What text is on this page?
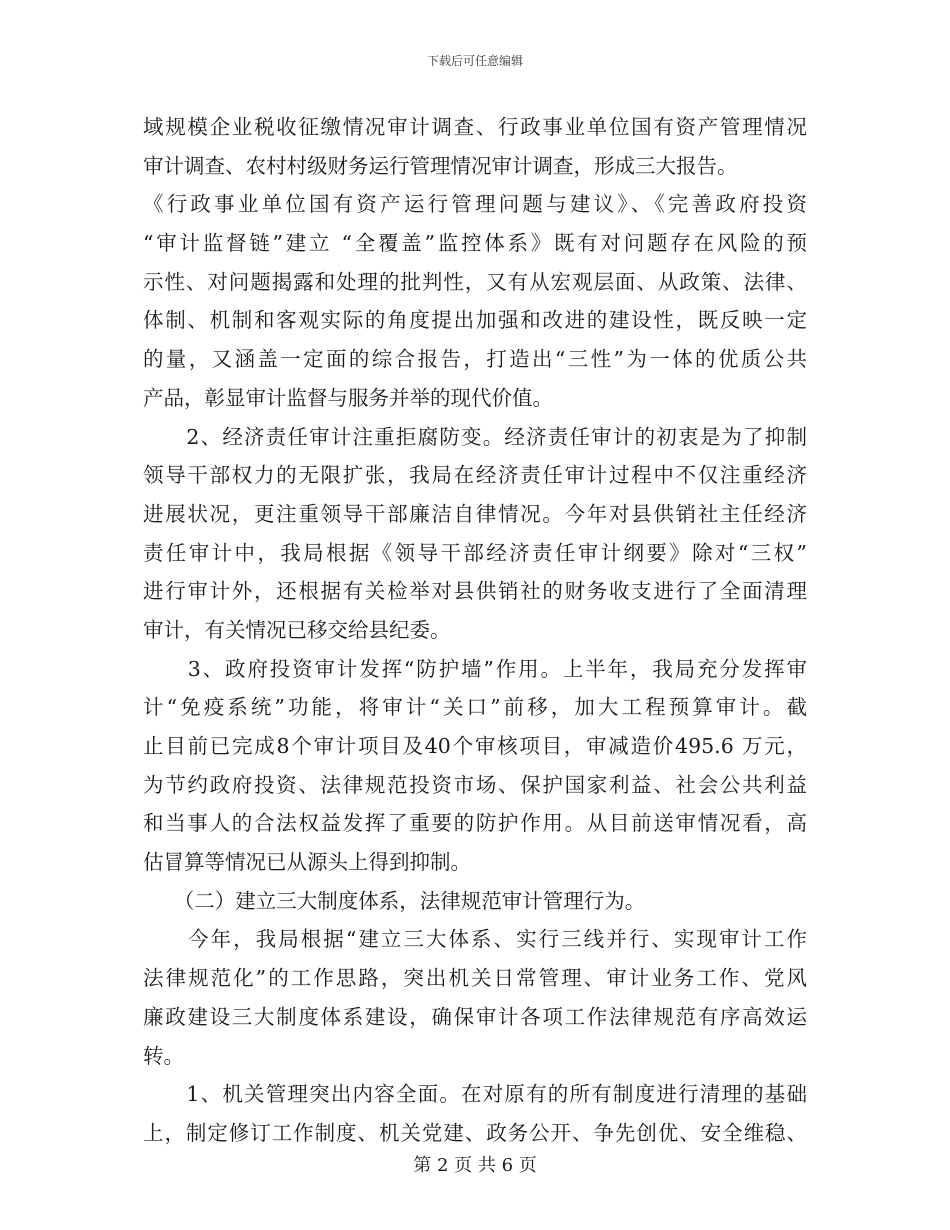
下载后可任意编辑
域规模企业税收征缴情况审计调查、行政事业单位国有资产管理情况
审计调查、农村村级财务运行管理情况审计调查，形成三大报告。
《行政事业单位国有资产运行管理问题与建议》、《完善政府投资
“审计监督链”建立 “全覆盖”监控体系》既有对问题存在风险的预
示性、对问题揭露和处理的批判性，又有从宏观层面、从政策、法律、
体制、机制和客观实际的角度提出加强和改进的建设性，既反映一定
的量，又涵盖一定面的综合报告，打造出“三性”为一体的优质公共
产品，彰显审计监督与服务并举的现代价值。
　　2、经济责任审计注重拒腐防变。经济责任审计的初衷是为了抑制
领导干部权力的无限扩张，我局在经济责任审计过程中不仅注重经济
进展状况，更注重领导干部廉洁自律情况。今年对县供销社主任经济
责任审计中，我局根据《领导干部经济责任审计纲要》除对“三权”
进行审计外，还根据有关检举对县供销社的财务收支进行了全面清理
审计，有关情况已移交给县纪委。
　　3、政府投资审计发挥“防护墙”作用。上半年，我局充分发挥审
计“免疫系统”功能，将审计“关口”前移，加大工程预算审计。截
止目前已完成8个审计项目及40个审核项目，审减造价495.6 万元，
为节约政府投资、法律规范投资市场、保护国家利益、社会公共利益
和当事人的合法权益发挥了重要的防护作用。从目前送审情况看，高
估冒算等情况已从源头上得到抑制。
　　（二）建立三大制度体系，法律规范审计管理行为。
　　今年，我局根据“建立三大体系、实行三线并行、实现审计工作
法律规范化”的工作思路，突出机关日常管理、审计业务工作、党风
廉政建设三大制度体系建设，确保审计各项工作法律规范有序高效运
转。
　　1、机关管理突出内容全面。在对原有的所有制度进行清理的基础
上，制定修订工作制度、机关党建、政务公开、争先创优、安全维稳、
第 2 页 共 6 页
